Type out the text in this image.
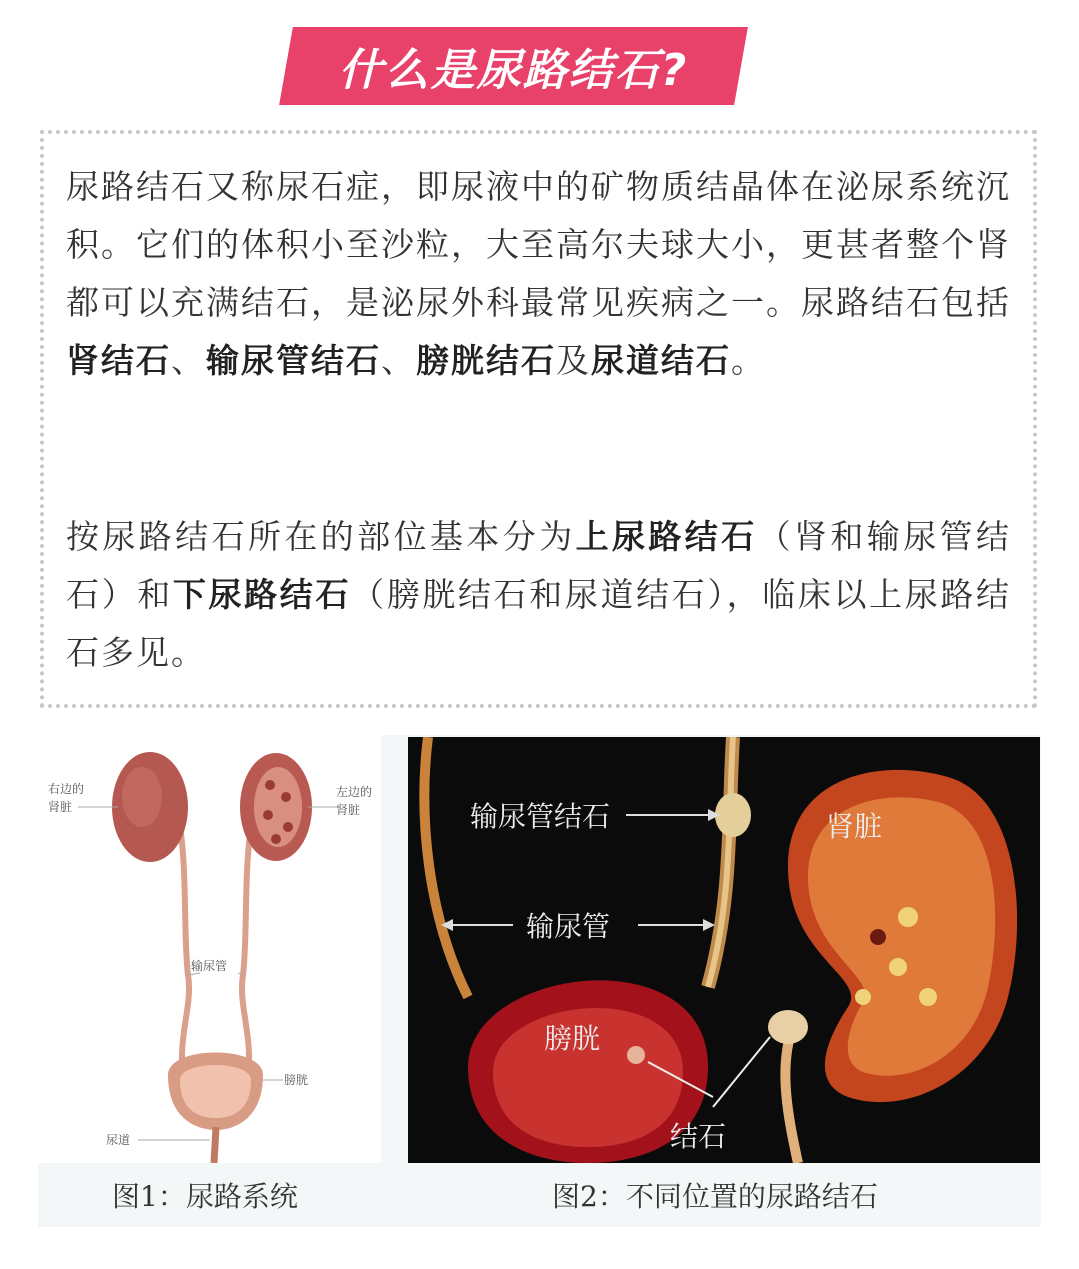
什么是尿路结石?

尿路结石又称尿石症，即尿液中的矿物质结晶体在泌尿系统沉积。它们的体积小至沙粒，大至高尔夫球大小，更甚者整个肾都可以充满结石，是泌尿外科最常见疾病之一。尿路结石包括肾结石、输尿管结石、膀胱结石及尿道结石。

按尿路结石所在的部位基本分为上尿路结石（肾和输尿管结石）和下尿路结石（膀胱结石和尿道结石），临床以上尿路结石多见。

右边的
肾脏
左边的
肾脏
输尿管
膀胱
尿道
输尿管结石
输尿管
肾脏
膀胱
结石
图1：尿路系统	图2：不同位置的尿路结石
